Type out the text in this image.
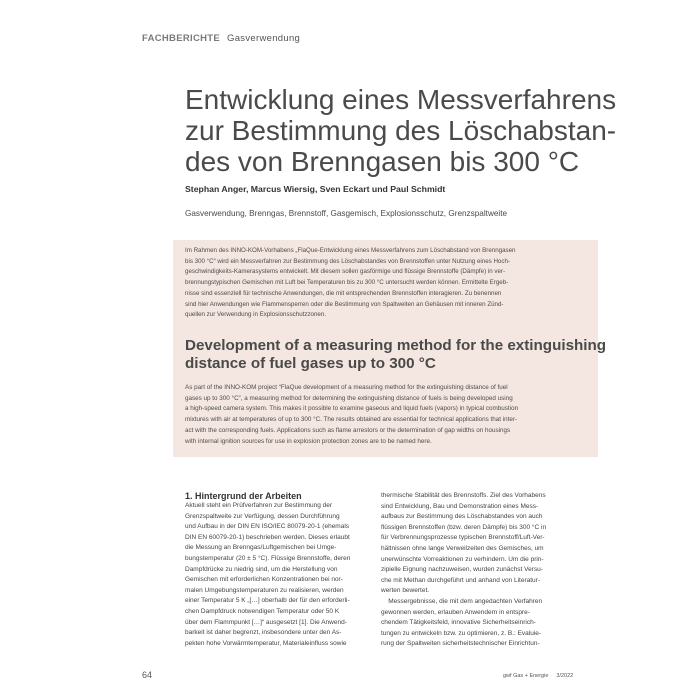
FACHBERICHTE Gasverwendung
Entwicklung eines Messverfahrens
zur Bestimmung des Löschabstan-
des von Brenngasen bis 300 °C
Stephan Anger, Marcus Wiersig, Sven Eckart und Paul Schmidt
Gasverwendung, Brenngas, Brennstoff, Gasgemisch, Explosionsschutz, Grenzspaltweite
Im Rahmen des INNO-KOM-Vorhabens „FlaQue-Entwicklung eines Messverfahrens zum Löschabstand von Brenngasen
bis 300 °C“ wird ein Messverfahren zur Bestimmung des Löschabstandes von Brennstoffen unter Nutzung eines Hoch-
geschwindigkeits-Kamerasystems entwickelt. Mit diesem sollen gasförmige und flüssige Brennstoffe (Dämpfe) in ver-
brennungstypischen Gemischen mit Luft bei Temperaturen bis zu 300 °C untersucht werden können. Ermittelte Ergeb-
nisse sind essenziell für technische Anwendungen, die mit entsprechenden Brennstoffen interagieren. Zu benennen
sind hier Anwendungen wie Flammensperren oder die Bestimmung von Spaltweiten an Gehäusen mit inneren Zünd-
quellen zur Verwendung in Explosionsschutzzonen.
Development of a measuring method for the extinguishing
distance of fuel gases up to 300 °C
As part of the INNO-KOM project “FlaQue development of a measuring method for the extinguishing distance of fuel
gases up to 300 °C”, a measuring method for determining the extinguishing distance of fuels is being developed using
a high-speed camera system. This makes it possible to examine gaseous and liquid fuels (vapors) in typical combustion
mixtures with air at temperatures of up to 300 °C. The results obtained are essential for technical applications that inter-
act with the corresponding fuels. Applications such as flame arrestors or the determination of gap widths on housings
with internal ignition sources for use in explosion protection zones are to be named here.
1. Hintergrund der Arbeiten
Aktuell steht ein Prüfverfahren zur Bestimmung der
Grenzspaltweite zur Verfügung, dessen Durchführung
und Aufbau in der DIN EN ISO/IEC 80079-20-1 (ehemals
DIN EN 60079-20-1) beschrieben werden. Dieses erlaubt
die Messung an Brenngas/Luftgemischen bei Umge-
bungstemperatur (20 ± 5 °C). Flüssige Brennstoffe, deren
Dampfdrücke zu niedrig sind, um die Herstellung von
Gemischen mit erforderlichen Konzentrationen bei nor-
malen Umgebungstemperaturen zu realisieren, werden
einer Temperatur 5 K „[…] oberhalb der für den erforderli-
chen Dampfdruck notwendigen Temperatur oder 50 K
über dem Flammpunkt […]“ ausgesetzt [1]. Die Anwend-
barkeit ist daher begrenzt, insbesondere unter den As-
pekten hohe Vorwärmtemperatur, Materialeinfluss sowie
thermische Stabilität des Brennstoffs. Ziel des Vorhabens
sind Entwicklung, Bau und Demonstration eines Mess-
aufbaus zur Bestimmung des Löschabstandes von auch
flüssigen Brennstoffen (bzw. deren Dämpfe) bis 300 °C in
für Verbrennungsprozesse typischen Brennstoff/Luft-Ver-
hältnissen ohne lange Verweilzeiten des Gemisches, um
unerwünschte Vorreaktionen zu verhindern. Um die prin-
zipielle Eignung nachzuweisen, wurden zunächst Versu-
che mit Methan durchgeführt und anhand von Literatur-
werten bewertet.
Messergebnisse, die mit dem angedachten Verfahren
gewonnen werden, erlauben Anwendern in entspre-
chendem Tätigkeitsfeld, innovative Sicherheitseinrich-
tungen zu entwickeln bzw. zu optimieren, z. B.: Evaluie-
rung der Spaltweiten sicherheitstechnischer Einrichtun-
64	gwf Gas + Energie 3/2022
